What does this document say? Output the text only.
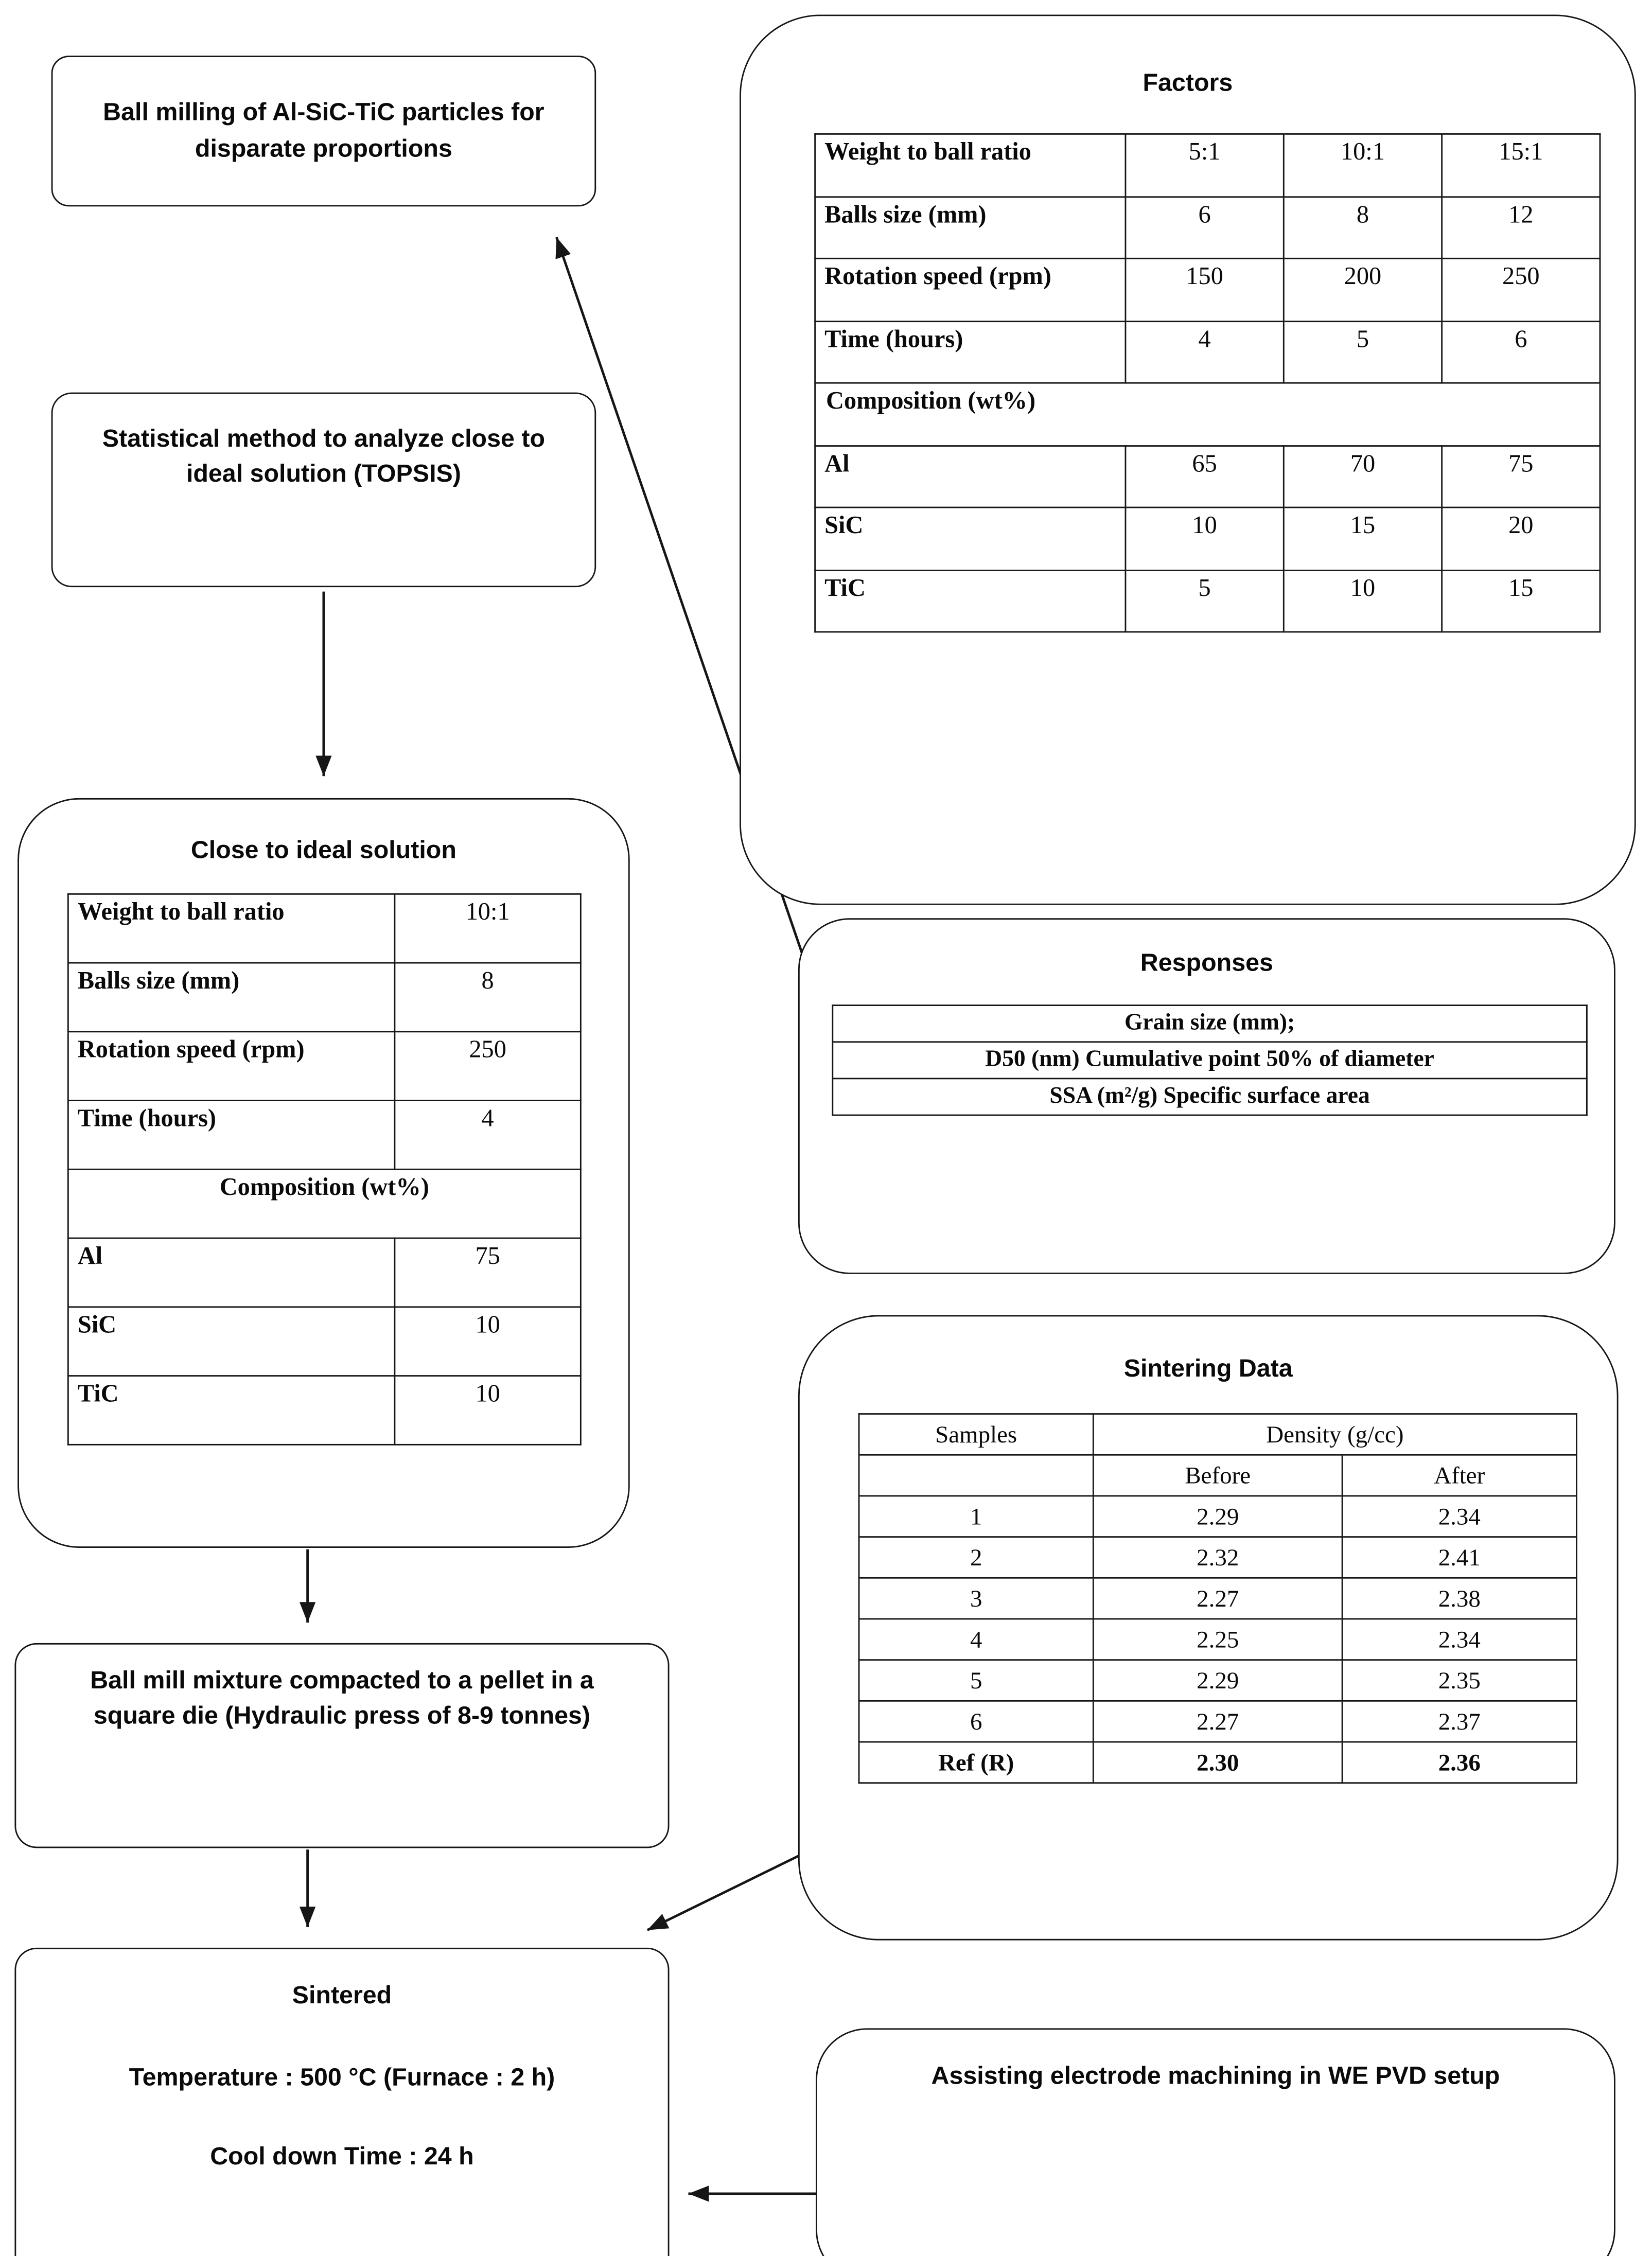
Ball milling of Al-SiC-TiC particles for disparate proportions
Statistical method to analyze close to ideal solution (TOPSIS)
Close to ideal solution
Weight to ball ratio	10:1
Balls size (mm)	8
Rotation speed (rpm)	250
Time (hours)	4
Composition (wt%)	
Al	75
SiC	10
TiC	10
Ball mill mixture compacted to a pellet in a square die (Hydraulic press of 8-9 tonnes)
Sintered
Temperature : 500 °C (Furnace : 2 h)
Cool down Time : 24 h
Factors
Weight to ball ratio	5:1	10:1	15:1
Balls size (mm)	6	8	12
Rotation speed (rpm)	150	200	250
Time (hours)	4	5	6
Composition (wt%)			
Al	65	70	75
SiC	10	15	20
TiC	5	10	15
Responses
Grain size (mm);
D50 (nm) Cumulative point 50% of diameter
SSA (m²/g) Specific surface area
Sintering Data
Samples	Density (g/cc)	
	Before	After
1	2.29	2.34
2	2.32	2.41
3	2.27	2.38
4	2.25	2.34
5	2.29	2.35
6	2.27	2.37
Ref (R)	2.30	2.36
Assisting electrode machining in WE PVD setup
